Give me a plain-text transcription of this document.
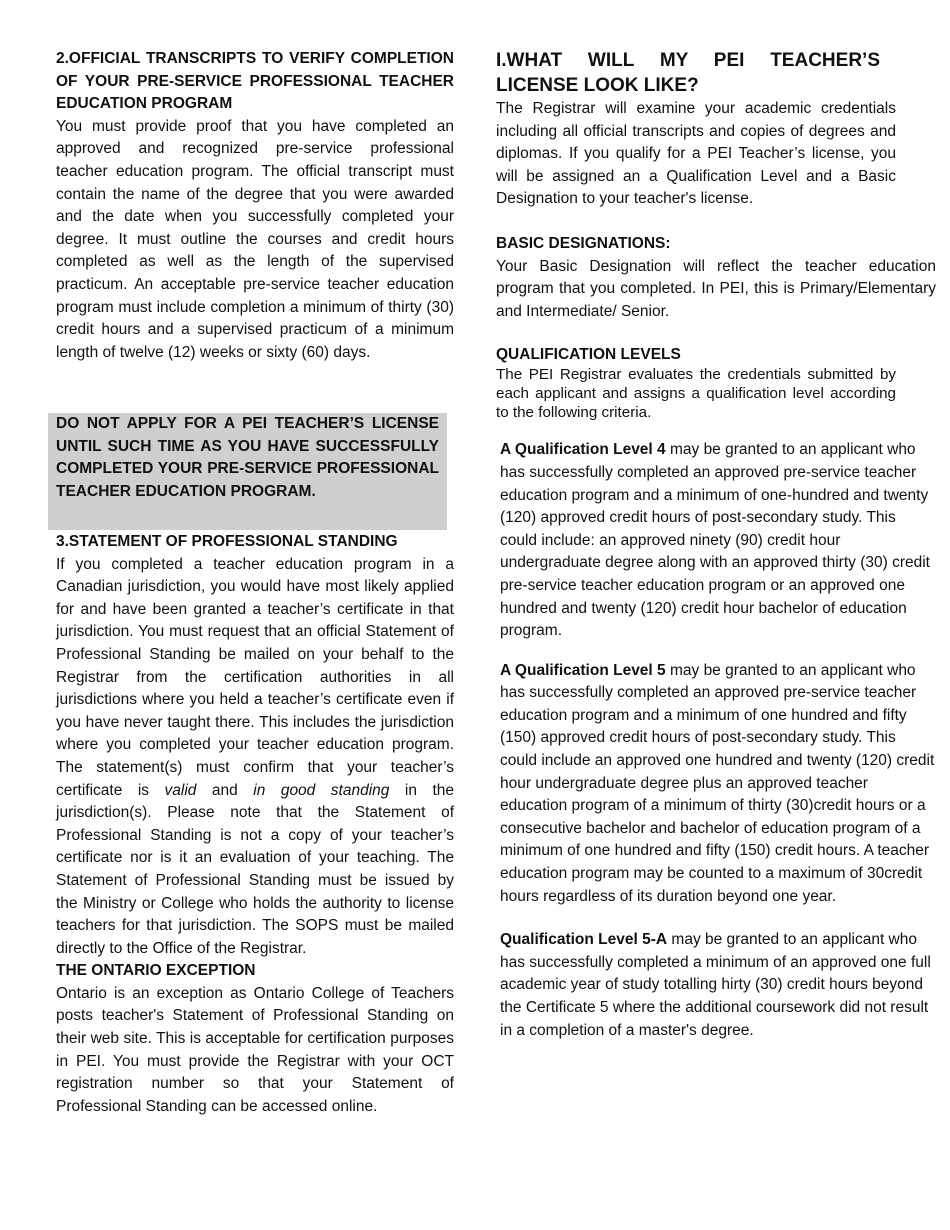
2.OFFICIAL TRANSCRIPTS TO VERIFY COMPLETION OF YOUR PRE-SERVICE PROFESSIONAL TEACHER EDUCATION PROGRAM

You must provide proof that you have completed an approved and recognized pre-service professional teacher education program. The official transcript must contain the name of the degree that you were awarded and the date when you successfully completed your degree. It must outline the courses and credit hours completed as well as the length of the supervised practicum. An acceptable pre-service teacher education program must include completion a minimum of thirty (30) credit hours and a supervised practicum of a minimum length of twelve (12) weeks or sixty (60) days.

DO NOT APPLY FOR A PEI TEACHER’S LICENSE UNTIL SUCH TIME AS YOU HAVE SUCCESSFULLY COMPLETED YOUR PRE-SERVICE PROFESSIONAL TEACHER EDUCATION PROGRAM.

3.STATEMENT OF PROFESSIONAL STANDING

If you completed a teacher education program in a Canadian jurisdiction, you would have most likely applied for and have been granted a teacher’s certificate in that jurisdiction. You must request that an official Statement of Professional Standing be mailed on your behalf to the Registrar from the certification authorities in all jurisdictions where you held a teacher’s certificate even if you have never taught there. This includes the jurisdiction where you completed your teacher education program. The statement(s) must confirm that your teacher’s certificate is valid and in good standing in the jurisdiction(s). Please note that the Statement of Professional Standing is not a copy of your teacher’s certificate nor is it an evaluation of your teaching. The Statement of Professional Standing must be issued by the Ministry or College who holds the authority to license teachers for that jurisdiction. The SOPS must be mailed directly to the Office of the Registrar.

THE ONTARIO EXCEPTION

Ontario is an exception as Ontario College of Teachers posts teacher's Statement of Professional Standing on their web site. This is acceptable for certification purposes in PEI. You must provide the Registrar with your OCT registration number so that your Statement of Professional Standing can be accessed online.

I.WHAT WILL MY PEI TEACHER’S LICENSE LOOK LIKE?

The Registrar will examine your academic credentials including all official transcripts and copies of degrees and diplomas. If you qualify for a PEI Teacher’s license, you will be assigned an a Qualification Level and a Basic Designation to your teacher's license.

BASIC DESIGNATIONS:

Your Basic Designation will reflect the teacher education program that you completed. In PEI, this is Primary/Elementary and Intermediate/ Senior.

QUALIFICATION LEVELS

The PEI Registrar evaluates the credentials submitted by each applicant and assigns a qualification level according to the following criteria.

A Qualification Level 4 may be granted to an applicant who has successfully completed an approved pre-service teacher education program and a minimum of one-hundred and twenty (120) approved credit hours of post-secondary study. This could include: an approved ninety (90) credit hour undergraduate degree along with an approved thirty (30) credit pre-service teacher education program or an approved one hundred and twenty (120) credit hour bachelor of education program.

A Qualification Level 5 may be granted to an applicant who has successfully completed an approved pre-service teacher education program and a minimum of one hundred and fifty (150) approved credit hours of post-secondary study. This could include an approved one hundred and twenty (120) credit hour undergraduate degree plus an approved teacher education program of a minimum of thirty (30)credit hours or a consecutive bachelor and bachelor of education program of a minimum of one hundred and fifty (150) credit hours. A teacher education program may be counted to a maximum of 30credit hours regardless of its duration beyond one year.

Qualification Level 5-A may be granted to an applicant who has successfully completed a minimum of an approved one full academic year of study totalling hirty (30) credit hours beyond the Certificate 5 where the additional coursework did not result in a completion of a master's degree.
